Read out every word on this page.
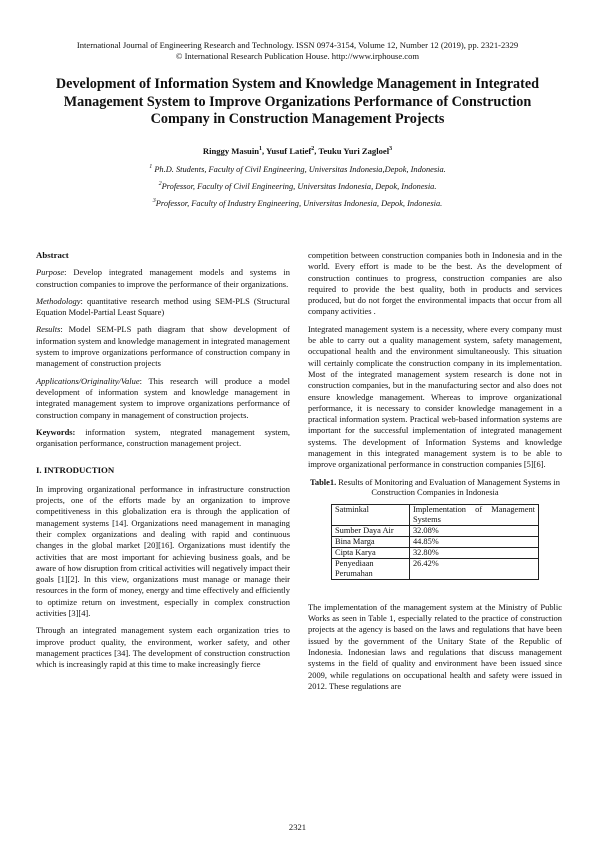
International Journal of Engineering Research and Technology. ISSN 0974-3154, Volume 12, Number 12 (2019), pp. 2321-2329
© International Research Publication House. http://www.irphouse.com
Development of Information System and Knowledge Management in Integrated Management System to Improve Organizations Performance of Construction Company in Construction Management Projects
Ringgy Masuin$^1$, Yusuf Latief$^2$, Teuku Yuri Zagloel$^3$
$^1$ Ph.D. Students, Faculty of Civil Engineering, Universitas Indonesia,Depok, Indonesia.
$^2$Professor, Faculty of Civil Engineering, Universitas Indonesia, Depok, Indonesia.
$^3$Professor, Faculty of Industry Engineering, Universitas Indonesia, Depok, Indonesia.
Abstract

Purpose: Develop integrated management models and systems in construction companies to improve the performance of their organizations.

Methodology: quantitative research method using SEM-PLS (Structural Equation Model-Partial Least Square)

Results: Model SEM-PLS path diagram that show development of information system and knowledge management in integrated management system to improve organizations performance of construction company in management of construction projects

Applications/Originality/Value: This research will produce a model development of information system and knowledge management in integrated management system to improve organizations performance of construction company in management of construction projects.

Keywords: information system, ntegrated management system, organisation performance, construction management project.

I. INTRODUCTION

In improving organizational performance in infrastructure construction projects, one of the efforts made by an organization to improve competitiveness in this globalization era is through the application of management systems [14]. Organizations need management in managing their complex organizations and dealing with rapid and continuous changes in the global market [20][16]. Organizations must identify the activities that are most important for achieving business goals, and be aware of how disruption from critical activities will negatively impact their goals [1][2]. In this view, organizations must manage or manage their resources in the form of money, energy and time effectively and efficiently to optimize return on investment, especially in complex construction activities [3][4].

Through an integrated management system each organization tries to improve product quality, the environment, worker safety, and other management practices [34]. The development of construction construction which is increasingly rapid at this time to make increasingly fierce

competition between construction companies both in Indonesia and in the world. Every effort is made to be the best. As the development of construction continues to progress, construction companies are also required to provide the best quality, both in products and services produced, but do not forget the environmental impacts that occur from all company activities .

Integrated management system is a necessity, where every company must be able to carry out a quality management system, safety management, occupational health and the environment simultaneously. This situation will certainly complicate the construction company in its implementation. Most of the integrated management system research is done not in construction companies, but in the manufacturing sector and also does not ensure knowledge management. Whereas to improve organizational performance, it is necessary to consider knowledge management in a practical information system. Practical web-based information systems are important for the successful implementation of integrated management systems. The development of Information Systems and knowledge management in this integrated management system is to be able to improve organizational performance in construction companies [5][6].

Table1. Results of Monitoring and Evaluation of Management Systems in Construction Companies in Indonesia
Satminkal	Implementation of Management Systems
Sumber Daya Air	32.08%
Bina Marga	44.85%
Cipta Karya	32.80%
Penyediaan Perumahan	26.42%

The implementation of the management system at the Ministry of Public Works as seen in Table 1, especially related to the practice of construction projects at the agency is based on the laws and regulations that have been issued by the government of the Unitary State of the Republic of Indonesia. Indonesian laws and regulations that discuss management systems in the field of quality and environment have been issued since 2009, while regulations on occupational health and safety were issued in 2012. These regulations are

2321
